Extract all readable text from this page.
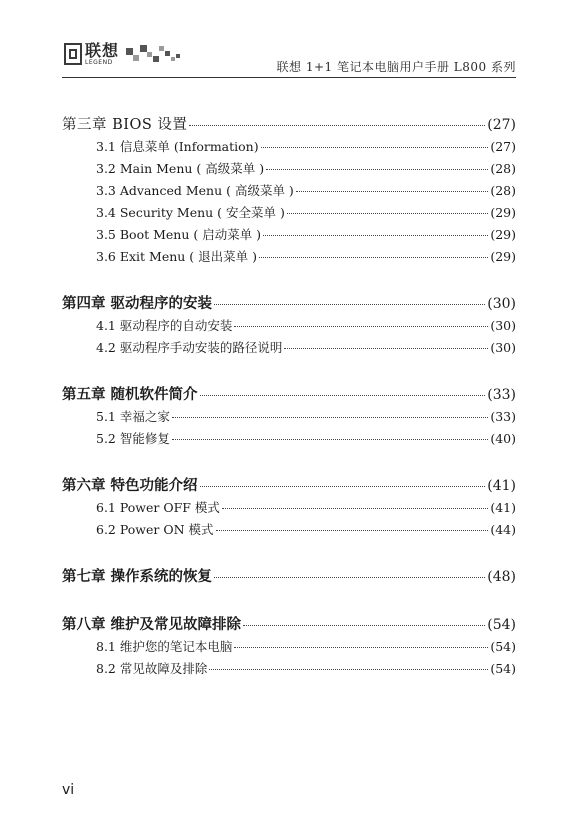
联想
LEGEND	联想 1+1 笔记本电脑用户手册 L800 系列
第三章 BIOS 设置	(27)
3.1 信息菜单 (Information)	(27)
3.2 Main Menu ( 高级菜单 )	(28)
3.3 Advanced Menu ( 高级菜单 )	(28)
3.4 Security Menu ( 安全菜单 )	(29)
3.5 Boot Menu ( 启动菜单 )	(29)
3.6 Exit Menu ( 退出菜单 )	(29)
第四章 驱动程序的安装	(30)
4.1 驱动程序的自动安装	(30)
4.2 驱动程序手动安装的路径说明	(30)
第五章 随机软件简介	(33)
5.1 幸福之家	(33)
5.2 智能修复	(40)
第六章 特色功能介绍	(41)
6.1 Power OFF 模式	(41)
6.2 Power ON 模式	(44)
第七章 操作系统的恢复	(48)
第八章 维护及常见故障排除	(54)
8.1 维护您的笔记本电脑	(54)
8.2 常见故障及排除	(54)
vi
